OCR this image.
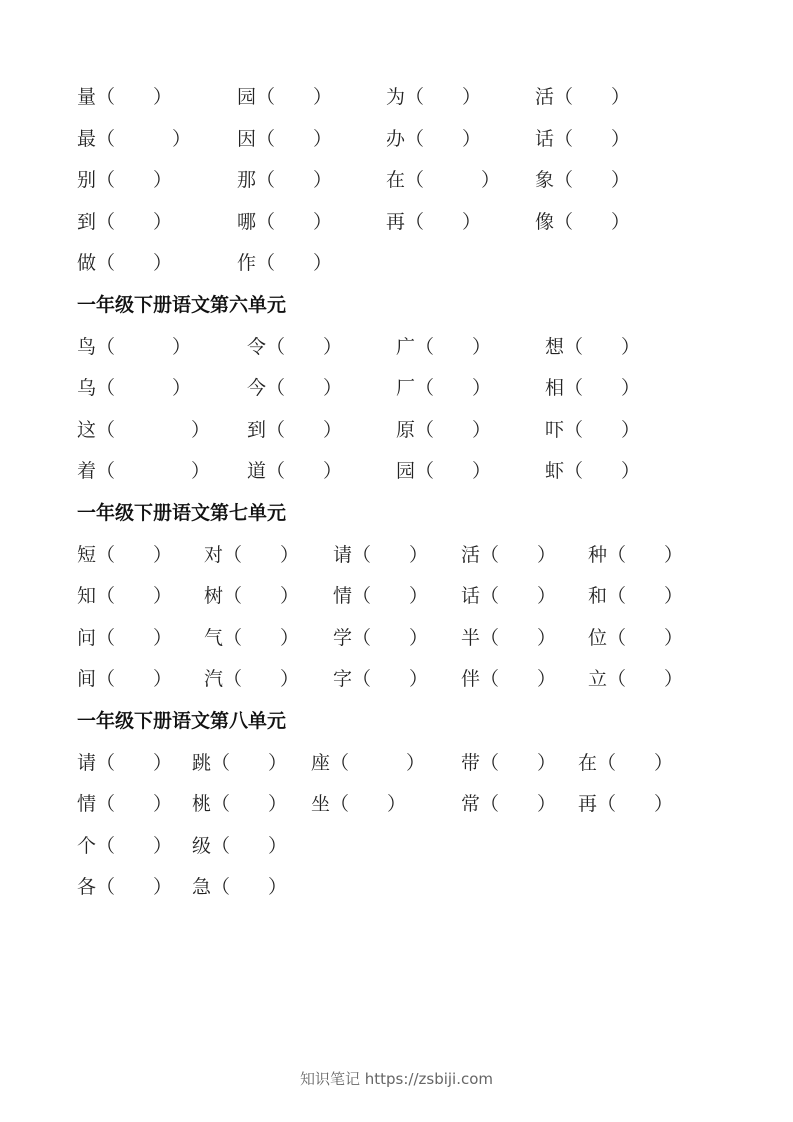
量（　　）	园（　　）	为（　　）	活（　　）
最（　　　） 因（　　）	办（　　）	话（　　）
别（　　）	那（　　）	在（　　　） 象（　　）
到（　　）	哪（　　）	再（　　）	像（　　）
做（　　）	作（　　）
一年级下册语文第六单元
鸟（　　　）	令（　　）	广（　　）	想（　　）
乌（　　　）	今（　　）	厂（　　）	相（　　）
这（　　　　） 到（　　）	原（　　）	吓（　　）
着（　　　　） 道（　　）	园（　　）	虾（　　）
一年级下册语文第七单元
短（　　） 对（　　） 请（　　） 活（　　） 种（　　）
知（　　） 树（　　） 情（　　） 话（　　） 和（　　）
问（　　） 气（　　） 学（　　） 半（　　） 位（　　）
间（　　） 汽（　　） 字（　　） 伴（　　） 立（　　）
一年级下册语文第八单元
请（　　） 跳（　　） 座（　　　） 带（　　） 在（　　）
情（　　） 桃（　　） 坐（　　）	常（　　） 再（　　）
个（　　） 级（　　）
各（　　） 急（　　）
知识笔记 https://zsbiji.com
